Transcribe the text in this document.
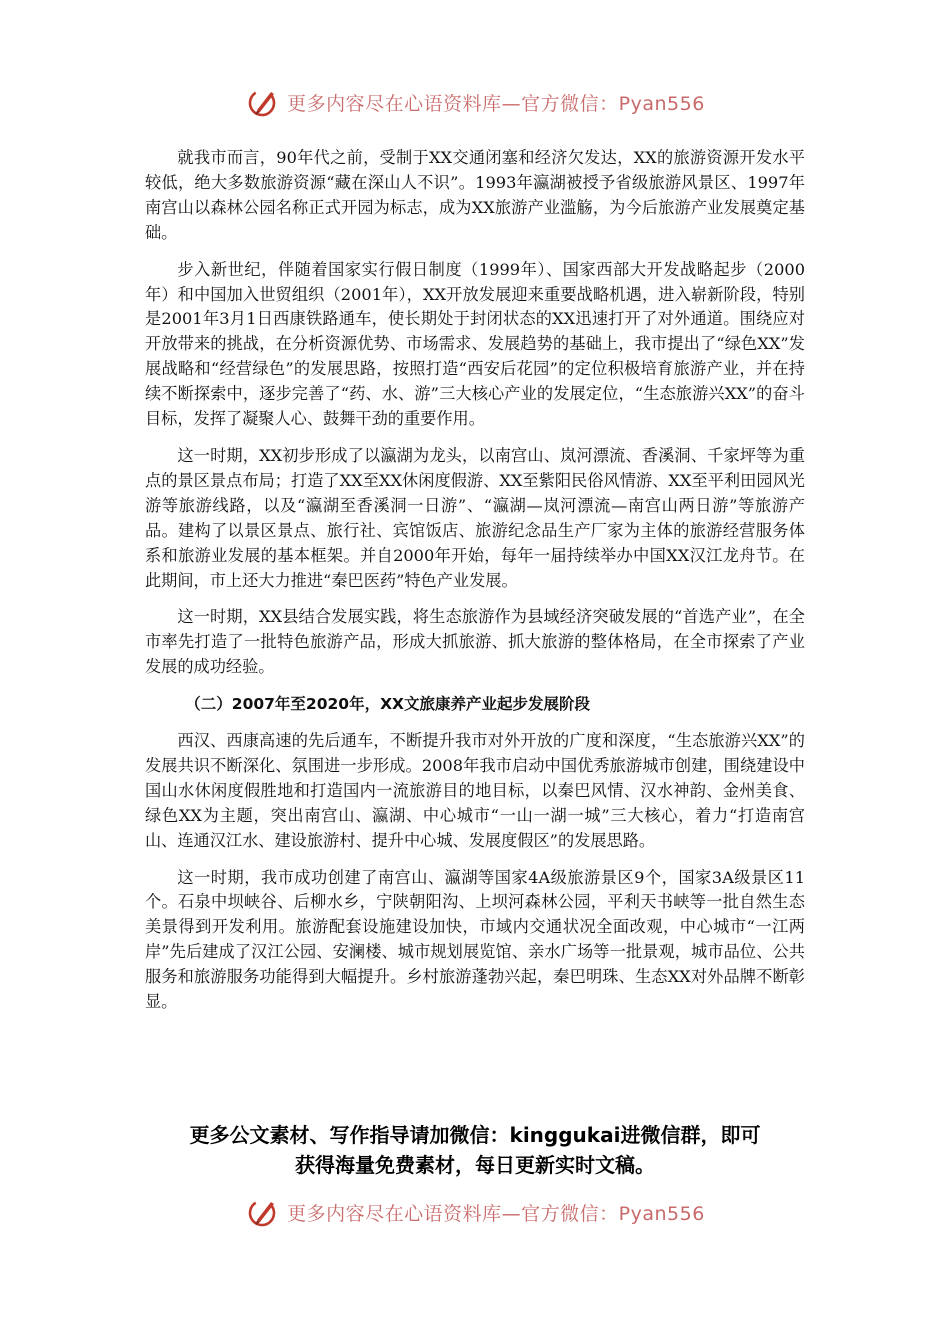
更多内容尽在心语资料库—官方微信：Pyan556

就我市而言，90年代之前，受制于XX交通闭塞和经济欠发达，XX的旅游资源开发水平较低，绝大多数旅游资源“藏在深山人不识”。1993年瀛湖被授予省级旅游风景区、1997年南宫山以森林公园名称正式开园为标志，成为XX旅游产业滥觞，为今后旅游产业发展奠定基础。

步入新世纪，伴随着国家实行假日制度（1999年）、国家西部大开发战略起步（2000年）和中国加入世贸组织（2001年），XX开放发展迎来重要战略机遇，进入崭新阶段，特别是2001年3月1日西康铁路通车，使长期处于封闭状态的XX迅速打开了对外通道。围绕应对开放带来的挑战，在分析资源优势、市场需求、发展趋势的基础上，我市提出了“绿色XX”发展战略和“经营绿色”的发展思路，按照打造“西安后花园”的定位积极培育旅游产业，并在持续不断探索中，逐步完善了“药、水、游”三大核心产业的发展定位，“生态旅游兴XX”的奋斗目标，发挥了凝聚人心、鼓舞干劲的重要作用。

这一时期，XX初步形成了以瀛湖为龙头，以南宫山、岚河漂流、香溪洞、千家坪等为重点的景区景点布局；打造了XX至XX休闲度假游、XX至紫阳民俗风情游、XX至平利田园风光游等旅游线路，以及“瀛湖至香溪洞一日游”、“瀛湖—岚河漂流—南宫山两日游”等旅游产品。建构了以景区景点、旅行社、宾馆饭店、旅游纪念品生产厂家为主体的旅游经营服务体系和旅游业发展的基本框架。并自2000年开始，每年一届持续举办中国XX汉江龙舟节。在此期间，市上还大力推进“秦巴医药”特色产业发展。

这一时期，XX县结合发展实践，将生态旅游作为县域经济突破发展的“首选产业”，在全市率先打造了一批特色旅游产品，形成大抓旅游、抓大旅游的整体格局，在全市探索了产业发展的成功经验。

（二）2007年至2020年，XX文旅康养产业起步发展阶段

西汉、西康高速的先后通车，不断提升我市对外开放的广度和深度，“生态旅游兴XX”的发展共识不断深化、氛围进一步形成。2008年我市启动中国优秀旅游城市创建，围绕建设中国山水休闲度假胜地和打造国内一流旅游目的地目标，以秦巴风情、汉水神韵、金州美食、绿色XX为主题，突出南宫山、瀛湖、中心城市“一山一湖一城”三大核心，着力“打造南宫山、连通汉江水、建设旅游村、提升中心城、发展度假区”的发展思路。

这一时期，我市成功创建了南宫山、瀛湖等国家4A级旅游景区9个，国家3A级景区11个。石泉中坝峡谷、后柳水乡，宁陕朝阳沟、上坝河森林公园，平利天书峡等一批自然生态美景得到开发利用。旅游配套设施建设加快，市域内交通状况全面改观，中心城市“一江两岸”先后建成了汉江公园、安澜楼、城市规划展览馆、亲水广场等一批景观，城市品位、公共服务和旅游服务功能得到大幅提升。乡村旅游蓬勃兴起，秦巴明珠、生态XX对外品牌不断彰显。

更多公文素材、写作指导请加微信：kinggukai进微信群，即可
获得海量免费素材，每日更新实时文稿。
更多内容尽在心语资料库—官方微信：Pyan556
